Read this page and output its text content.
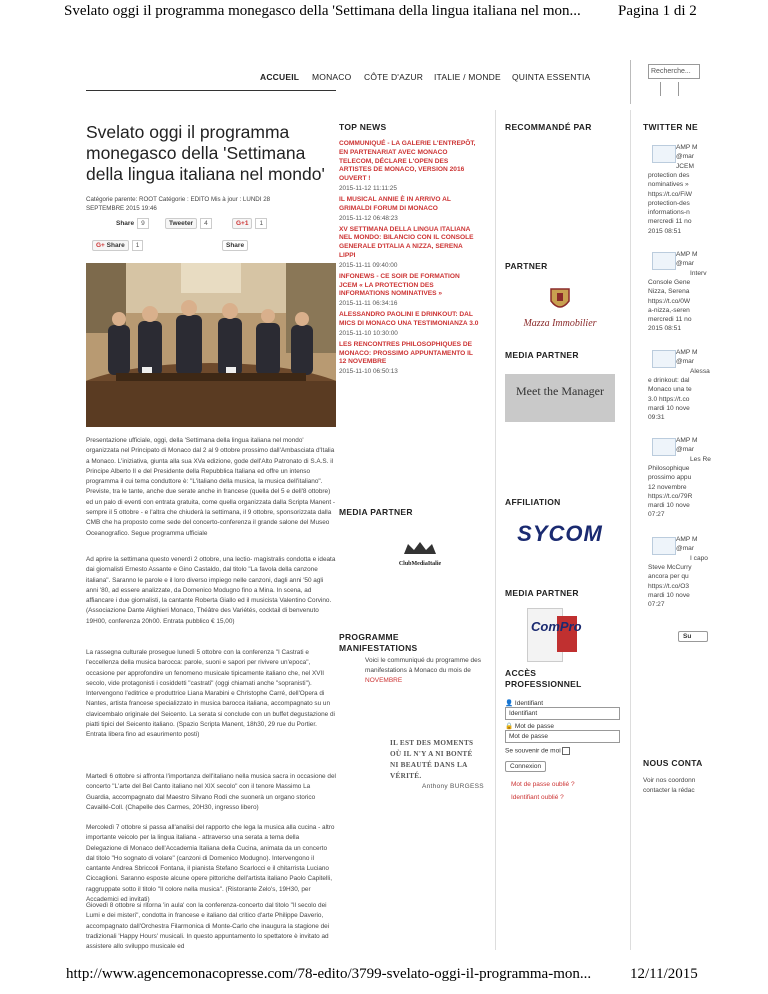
Svelato oggi il programma monegasco della 'Settimana della lingua italiana nel mon... Pagina 1 di 2
ACCUEIL MONACO CÔTE D'AZUR ITALIE / MONDE QUINTA ESSENTIA
Recherche...
Svelato oggi il programma monegasco della 'Settimana della lingua italiana nel mondo'
Catégorie parente: ROOT Catégorie : EDITO Mis à jour : LUNDI 28
SEPTEMBRE 2015 19:46
Share 9	Tweeter 4	G+1 1
G+ Share 1	Share
Presentazione ufficiale, oggi, della 'Settimana della lingua italiana nel mondo' organizzata nel Principato di Monaco dal 2 al 9 ottobre prossimo dall'Ambasciata d'Italia a Monaco. L'iniziativa, giunta alla sua XVa edizione, gode dell'Alto Patronato di S.A.S. il Principe Alberto II e del Presidente della Repubblica Italiana ed offre un intenso programma il cui tema conduttore è: "L'italiano della musica, la musica dell'italiano". Previste, tra le tante, anche due serate anche in francese (quella del 5 e dell'8 ottobre) ed un palo di eventi con entrata gratuita, come quella organizzata dalla Scripta Manent - sempre il 5 ottobre - e l'altra che chiuderà la settimana, il 9 ottobre, sponsorizzata dalla CMB che ha proposto come sede del concerto-conferenza il grande salone del Museo Oceanografico. Segue programma ufficiale
Ad aprire la settimana questo venerdì 2 ottobre, una lectio- magistralis condotta e ideata dai giornalisti Ernesto Assante e Gino Castaldo, dal titolo "La favola della canzone italiana". Saranno le parole e il loro diverso impiego nelle canzoni, dagli anni '50 agli anni '80, ad essere analizzate, da Domenico Modugno fino a Mina. In scena, ad affiancare i due giornalisti, la cantante Roberta Giallo ed il musicista Valentino Corvino. (Associazione Dante Alighieri Monaco, Théâtre des Variétés, cocktail di benvenuto 19H00, conferenza 20h00. Entrata pubblico € 15,00)
La rassegna culturale prosegue lunedì 5 ottobre con la conferenza "I Castrati e l'eccellenza della musica barocca: parole, suoni e sapori per rivivere un'epoca", occasione per approfondire un fenomeno musicale tipicamente italiano che, nel XVII secolo, vide protagonisti i cosiddetti "castrati" (oggi chiamati anche "sopranisti"). Intervengono l'editrice e produttrice Liana Marabini e Christophe Carré, dell'Opera di Nantes, artista francese specializzato in musica barocca italiana, accompagnato su un clavicembalo originale del Seicento. La serata si conclude con un buffet degustazione di piatti tipici del Seicento italiano. (Spazio Scripta Manent, 18h30, 29 rue du Portier. Entrata libera fino ad esaurimento posti)
Martedì 6 ottobre si affronta l'importanza dell'italiano nella musica sacra in occasione del concerto "L'arte del Bel Canto italiano nel XIX secolo" con il tenore Massimo La Guardia, accompagnato dal Maestro Silvano Rodi che suonerà un organo storico Cavaillé-Coll. (Chapelle des Carmes, 20H30, ingresso libero)
Mercoledì 7 ottobre si passa all'analisi del rapporto che lega la musica alla cucina - altro importante veicolo per la lingua italiana - attraverso una serata a tema della Delegazione di Monaco dell'Accademia Italiana della Cucina, animata da un concerto dal titolo "Ho sognato di volare" (canzoni di Domenico Modugno). Intervengono il cantante Andrea Sbriccoli Fontana, il pianista Stefano Scarlocci e il chitarrista Luciano Ciccaglioni. Saranno esposte alcune opere pittoriche dell'artista italiano Paolo Capitelli, raggruppate sotto il titolo "Il colore nella musica". (Ristorante Zelo's, 19H30, per Accademici ed invitati)
Giovedì 8 ottobre si ritorna 'in aula' con la conferenza-concerto dal titolo "Il secolo dei Lumi e dei misteri", condotta in francese e italiano dal critico d'arte Philippe Daverio, accompagnato dall'Orchestra Filarmonica di Monte-Carlo che inaugura la stagione dei tradizionali 'Happy Hours' musicali. In questo appuntamento lo spettatore è invitato ad assistere allo sviluppo musicale ed
TOP NEWS
COMMUNIQUÉ - LA GALERIE L'ENTREPÔT, EN PARTENARIAT AVEC MONACO TELECOM, DÉCLARE L'OPEN DES ARTISTES DE MONACO, VERSION 2016 OUVERT !
2015-11-12 11:11:25
IL MUSICAL ANNIE È IN ARRIVO AL GRIMALDI FORUM DI MONACO
2015-11-12 06:48:23
XV SETTIMANA DELLA LINGUA ITALIANA NEL MONDO: BILANCIO CON IL CONSOLE GENERALE D'ITALIA A NIZZA, SERENA LIPPI
2015-11-11 09:40:00
INFONEWS - CE SOIR DE FORMATION JCEM « LA PROTECTION DES INFORMATIONS NOMINATIVES »
2015-11-11 06:34:16
ALESSANDRO PAOLINI E DRINKOUT: DAL MICS DI MONACO UNA TESTIMONIANZA 3.0
2015-11-10 10:30:00
LES RENCONTRES PHILOSOPHIQUES DE MONACO: PROSSIMO APPUNTAMENTO IL 12 NOVEMBRE
2015-11-10 06:50:13
MEDIA PARTNER
ClubMediaItalie
PROGRAMME MANIFESTATIONS
Voici le communiqué du programme des manifestations à Monaco du mois de NOVEMBRE
IL EST DES MOMENTS
OÙ IL N'Y A NI BONTÉ
NI BEAUTÉ DANS LA
VÉRITÉ.
Anthony BURGESS
RECOMMANDÉ PAR
PARTNER
Mazza Immobilier
MEDIA PARTNER
Meet the Manager
AFFILIATION
SYCOM
MEDIA PARTNER
ComPro
ACCÈS PROFESSIONNEL
👤 Identifiant
Identifiant
🔒 Mot de passe
Mot de passe
Se souvenir de moi
Connexion
Mot de passe oublié ?
Identifiant oublié ?
TWITTER NE
AMP M
@mar
JCEM
protection des
nominatives »
https://t.co/FiW
protection-des
informations-n
mercredi 11 no
2015 08:51
AMP M
@mar
Interv
Console Gene
Nizza, Serena
https://t.co/0W
a-nizza,-seren
mercredi 11 no
2015 08:51
AMP M
@mar
Alessa
e drinkout: dal
Monaco una te
3.0 https://t.co
mardi 10 nove
09:31
AMP M
@mar
Les Re
Philosophique
prossimo appu
12 novembre
https://t.co/79R
mardi 10 nove
07:27
AMP M
@mar
I capo
Steve McCurry
ancora per qu
https://t.co/O3
mardi 10 nove
07:27
Su
NOUS CONTA
Voir nos coordonn
contacter la rédac
http://www.agencemonacopresse.com/78-edito/3799-svelato-oggi-il-programma-mon...	12/11/2015
